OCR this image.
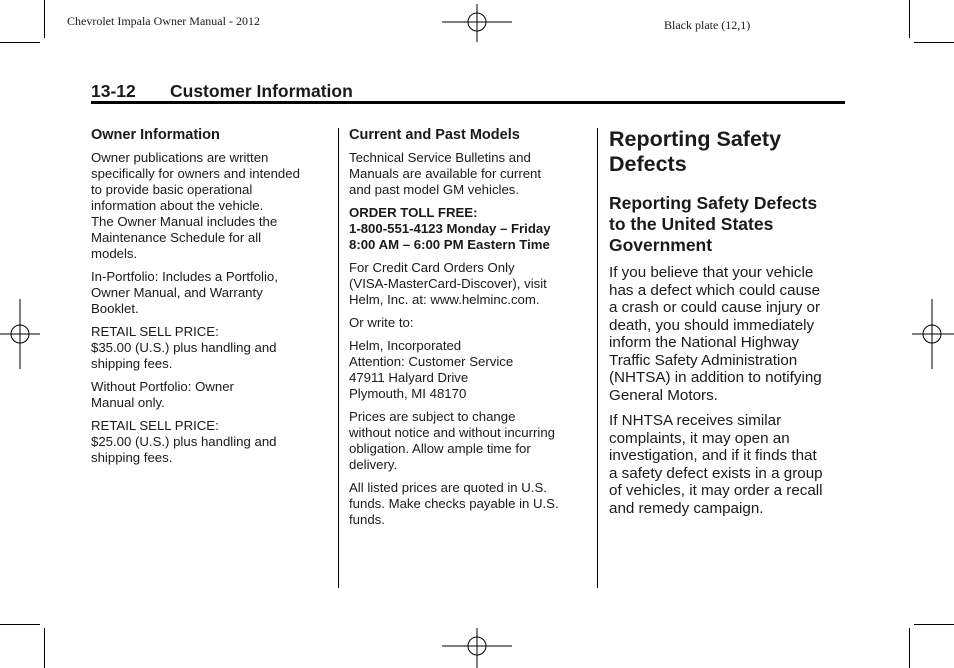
Chevrolet Impala Owner Manual - 2012	Black plate (12,1)
13-12 Customer Information
Owner Information

Owner publications are written
specifically for owners and intended
to provide basic operational
information about the vehicle.
The Owner Manual includes the
Maintenance Schedule for all
models.

In-Portfolio: Includes a Portfolio,
Owner Manual, and Warranty
Booklet.

RETAIL SELL PRICE:
$35.00 (U.S.) plus handling and
shipping fees.

Without Portfolio: Owner
Manual only.

RETAIL SELL PRICE:
$25.00 (U.S.) plus handling and
shipping fees.

Current and Past Models

Technical Service Bulletins and
Manuals are available for current
and past model GM vehicles.

ORDER TOLL FREE:
1-800-551-4123 Monday – Friday
8:00 AM – 6:00 PM Eastern Time

For Credit Card Orders Only
(VISA-MasterCard-Discover), visit
Helm, Inc. at: www.helminc.com.

Or write to:

Helm, Incorporated
Attention: Customer Service
47911 Halyard Drive
Plymouth, MI 48170

Prices are subject to change
without notice and without incurring
obligation. Allow ample time for
delivery.

All listed prices are quoted in U.S.
funds. Make checks payable in U.S.
funds.

Reporting Safety
Defects
Reporting Safety Defects
to the United States
Government

If you believe that your vehicle
has a defect which could cause
a crash or could cause injury or
death, you should immediately
inform the National Highway
Traffic Safety Administration
(NHTSA) in addition to notifying
General Motors.

If NHTSA receives similar
complaints, it may open an
investigation, and if it finds that
a safety defect exists in a group
of vehicles, it may order a recall
and remedy campaign.
